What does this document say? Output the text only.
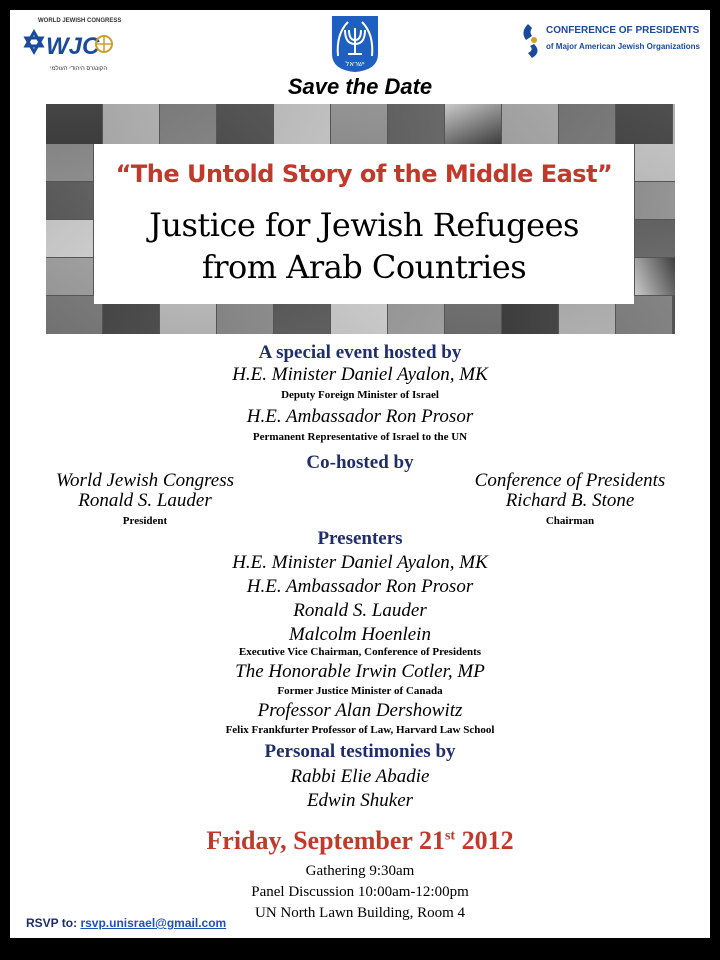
WORLD JEWISH CONGRESS
WJC
הקונגרס היהודי העולמי
ישראל
CONFERENCE OF PRESIDENTS
of Major American Jewish Organizations
Save the Date
“The Untold Story of the Middle East”
Justice for Jewish Refugees
from Arab Countries
A special event hosted by
H.E. Minister Daniel Ayalon, MK
Deputy Foreign Minister of Israel
H.E. Ambassador Ron Prosor
Permanent Representative of Israel to the UN
Co-hosted by
World Jewish Congress
Ronald S. Lauder
President
Conference of Presidents
Richard B. Stone
Chairman
Presenters
H.E. Minister Daniel Ayalon, MK
H.E. Ambassador Ron Prosor
Ronald S. Lauder
Malcolm Hoenlein
Executive Vice Chairman, Conference of Presidents
The Honorable Irwin Cotler, MP
Former Justice Minister of Canada
Professor Alan Dershowitz
Felix Frankfurter Professor of Law, Harvard Law School
Personal testimonies by
Rabbi Elie Abadie
Edwin Shuker
Friday, September 21st 2012
Gathering 9:30am
Panel Discussion 10:00am-12:00pm
UN North Lawn Building, Room 4
RSVP to: rsvp.unisrael@gmail.com
